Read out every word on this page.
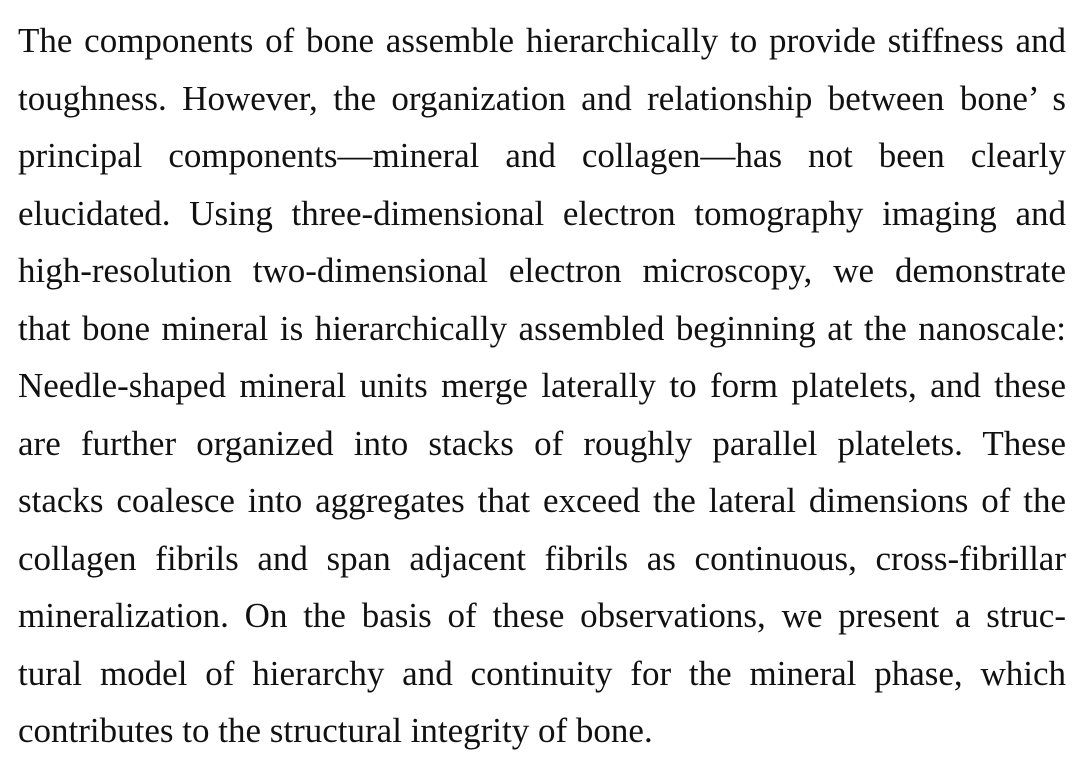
The components of bone assemble hierarchically to provide stiffness and
toughness. However, the organization and relationship between bone’ s
principal components—mineral and collagen—has not been clearly
elucidated. Using three-dimensional electron tomography imaging and
high-resolution two-dimensional electron microscopy, we demonstrate
that bone mineral is hierarchically assembled beginning at the nanoscale:
Needle-shaped mineral units merge laterally to form platelets, and these
are further organized into stacks of roughly parallel platelets. These
stacks coalesce into aggregates that exceed the lateral dimensions of the
collagen fibrils and span adjacent fibrils as continuous, cross-fibrillar
mineralization. On the basis of these observations, we present a struc-
tural model of hierarchy and continuity for the mineral phase, which
contributes to the structural integrity of bone.
